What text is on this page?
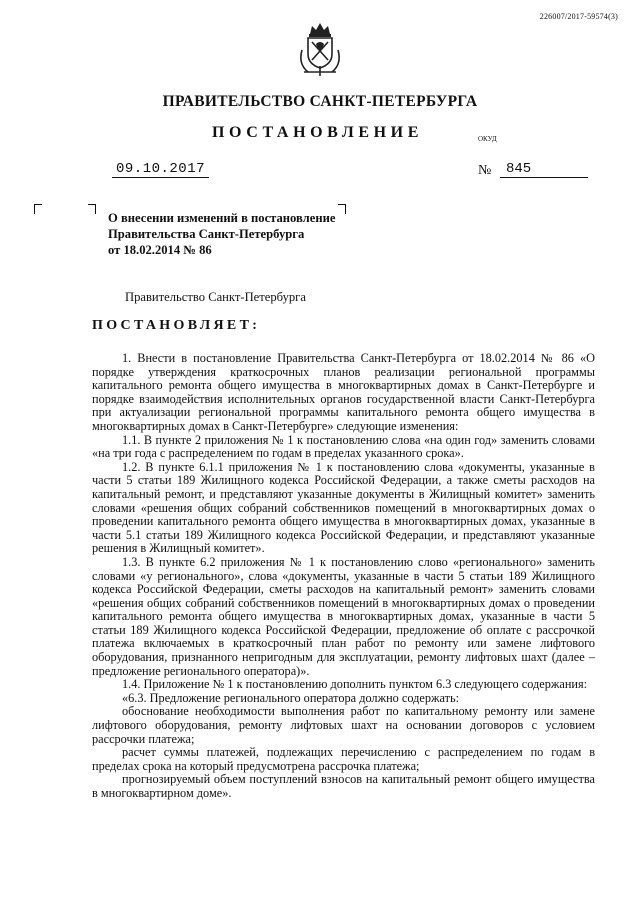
226007/2017-59574(3)
ПРАВИТЕЛЬСТВО САНКТ-ПЕТЕРБУРГА
ПОСТАНОВЛЕНИЕ	ОКУД
09.10.2017	№	845
О внесении изменений в постановление
Правительства Санкт-Петербурга
от 18.02.2014 № 86
Правительство Санкт-Петербурга
ПОСТАНОВЛЯЕТ:

1. Внести в постановление Правительства Санкт-Петербурга от 18.02.2014 № 86 «О порядке утверждения краткосрочных планов реализации региональной программы капитального ремонта общего имущества в многоквартирных домах в Санкт-Петербурге и порядке взаимодействия исполнительных органов государственной власти Санкт-Петербурга при актуализации региональной программы капитального ремонта общего имущества в многоквартирных домах в Санкт-Петербурге» следующие изменения:

1.1. В пункте 2 приложения № 1 к постановлению слова «на один год» заменить словами «на три года с распределением по годам в пределах указанного срока».

1.2. В пункте 6.1.1 приложения № 1 к постановлению слова «документы, указанные в части 5 статьи 189 Жилищного кодекса Российской Федерации, а также сметы расходов на капитальный ремонт, и представляют указанные документы в Жилищный комитет» заменить словами «решения общих собраний собственников помещений в многоквартирных домах о проведении капитального ремонта общего имущества в многоквартирных домах, указанные в части 5.1 статьи 189 Жилищного кодекса Российской Федерации, и представляют указанные решения в Жилищный комитет».

1.3. В пункте 6.2 приложения № 1 к постановлению слово «регионального» заменить словами «у регионального», слова «документы, указанные в части 5 статьи 189 Жилищного кодекса Российской Федерации, сметы расходов на капитальный ремонт» заменить словами «решения общих собраний собственников помещений в многоквартирных домах о проведении капитального ремонта общего имущества в многоквартирных домах, указанные в части 5 статьи 189 Жилищного кодекса Российской Федерации, предложение об оплате с рассрочкой платежа включаемых в краткосрочный план работ по ремонту или замене лифтового оборудования, признанного непригодным для эксплуатации, ремонту лифтовых шахт (далее – предложение регионального оператора)».

1.4. Приложение № 1 к постановлению дополнить пунктом 6.3 следующего содержания:

«6.3. Предложение регионального оператора должно содержать:

обоснование необходимости выполнения работ по капитальному ремонту или замене лифтового оборудования, ремонту лифтовых шахт на основании договоров с условием рассрочки платежа;

расчет суммы платежей, подлежащих перечислению с распределением по годам в пределах срока на который предусмотрена рассрочка платежа;

прогнозируемый объем поступлений взносов на капитальный ремонт общего имущества в многоквартирном доме».
